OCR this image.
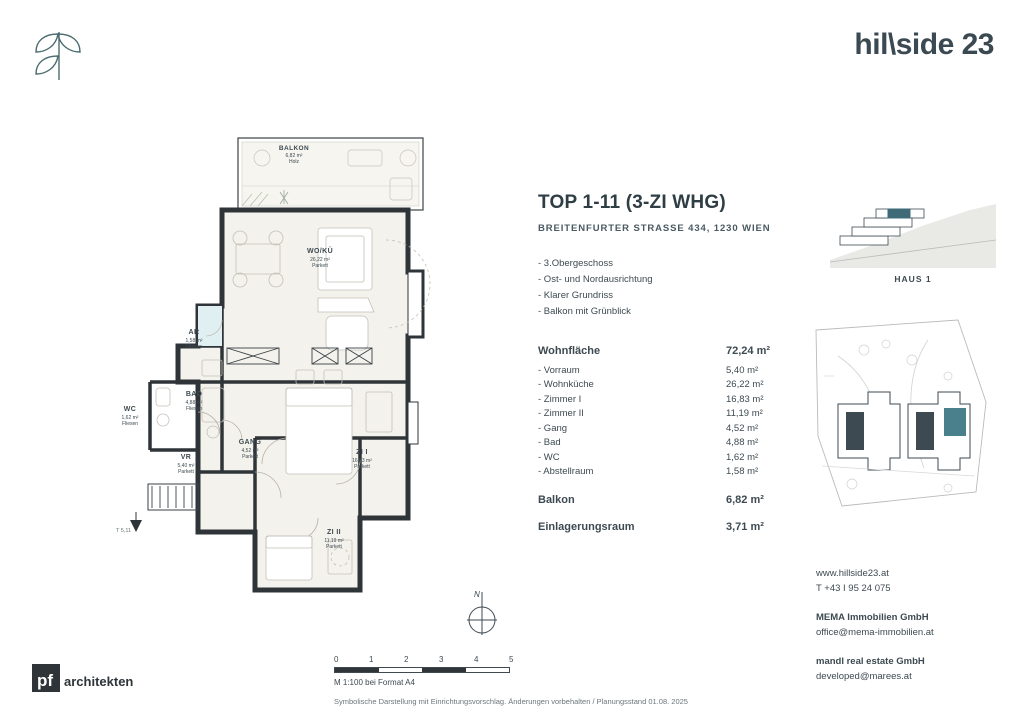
hil\side 23
BALKON
6,82 m²
Holz
WO/KÜ
26,22 m²
Parkett
AR
1,58 m²
Fliesen
BAD
4,88 m²
Fliesen
WC
1,62 m²
Fliesen
VR
5,40 m²
Parkett
GANG
4,52 m²
Parkett
ZI I
16,83 m²
Parkett
ZI II
11,19 m²
Parkett
T 5,11
N
TOP 1-11 (3-ZI WHG)
BREITENFURTER STRASSE 434, 1230 WIEN
- 3.Obergeschoss
- Ost- und Nordausrichtung
- Klarer Grundriss
- Balkon mit Grünblick
Wohnfläche	72,24 m²
- Vorraum	5,40 m²
- Wohnküche	26,22 m²
- Zimmer I	16,83 m²
- Zimmer II	11,19 m²
- Gang	4,52 m²
- Bad	4,88 m²
- WC	1,62 m²
- Abstellraum	1,58 m²
Balkon	6,82 m²
Einlagerungsraum	3,71 m²
HAUS 1
www.hillside23.at
T +43 I 95 24 075
MEMA Immobilien GmbH
office@mema-immobilien.at
mandl real estate GmbH
developed@marees.at
pf architekten
0	1	2	3	4	5
M 1:100 bei Format A4
Symbolische Darstellung mit Einrichtungsvorschlag. Änderungen vorbehalten / Planungsstand 01.08. 2025
